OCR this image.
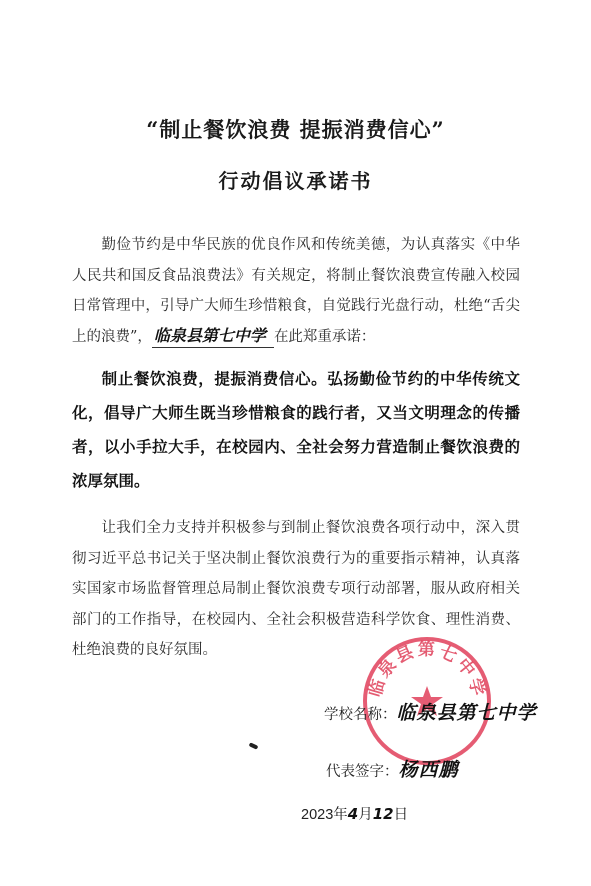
“制止餐饮浪费 提振消费信心”
行动倡议承诺书

勤俭节约是中华民族的优良作风和传统美德，为认真落实《中华人民共和国反食品浪费法》有关规定，将制止餐饮浪费宣传融入校园日常管理中，引导广大师生珍惜粮食，自觉践行光盘行动，杜绝“舌尖上的浪费”， 临泉县第七中学 在此郑重承诺：

制止餐饮浪费，提振消费信心。弘扬勤俭节约的中华传统文化，倡导广大师生既当珍惜粮食的践行者，又当文明理念的传播者，以小手拉大手，在校园内、全社会努力营造制止餐饮浪费的浓厚氛围。

让我们全力支持并积极参与到制止餐饮浪费各项行动中，深入贯彻习近平总书记关于坚决制止餐饮浪费行为的重要指示精神，认真落实国家市场监督管理总局制止餐饮浪费专项行动部署，服从政府相关部门的工作指导，在校园内、全社会积极营造科学饮食、理性消费、杜绝浪费的良好氛围。

临泉县第七中学
学校名称：临泉县第七中学
代表签字：杨西鹏
2023年4月12日
